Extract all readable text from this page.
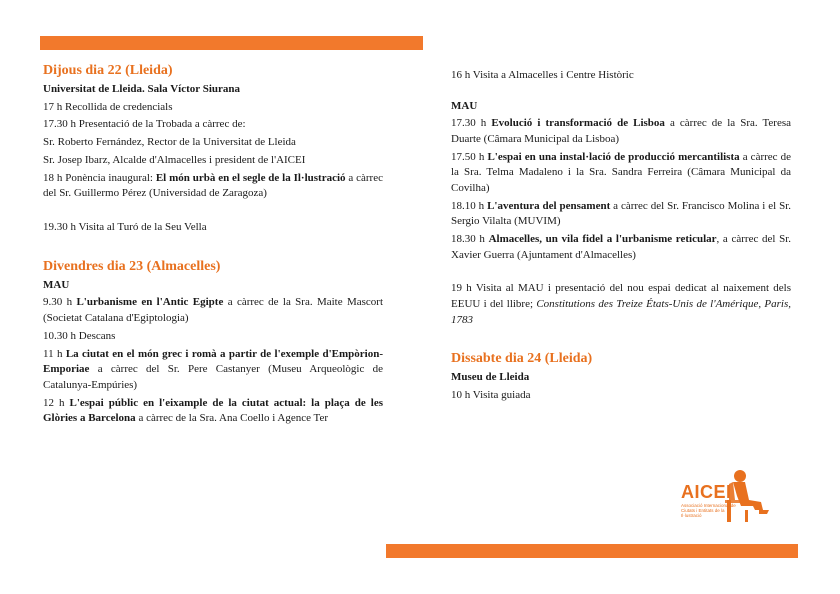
Dijous dia 22 (Lleida)
Universitat de Lleida. Sala Víctor Siurana

17 h Recollida de credencials

17.30 h Presentació de la Trobada a càrrec de:

Sr. Roberto Fernández, Rector de la Universitat de Lleida

Sr. Josep Ibarz, Alcalde d'Almacelles i president de l'AICEI

18 h Ponència inaugural: El món urbà en el segle de la Il·lustració a càrrec del Sr. Guillermo Pérez (Universidad de Zaragoza)

19.30 h Visita al Turó de la Seu Vella

Divendres dia 23 (Almacelles)
MAU

9.30 h L'urbanisme en l'Antic Egipte a càrrec de la Sra. Maite Mascort (Societat Catalana d'Egiptologia)

10.30 h Descans

11 h La ciutat en el món grec i romà a partir de l'exemple d'Empòrion-Emporiae a càrrec del Sr. Pere Castanyer (Museu Arqueològic de Catalunya-Empúries)

12 h L'espai públic en l'eixample de la ciutat actual: la plaça de les Glòries a Barcelona a càrrec de la Sra. Ana Coello i Agence Ter

16 h Visita a Almacelles i Centre Històric

MAU

17.30 h Evolució i transformació de Lisboa a càrrec de la Sra. Teresa Duarte (Câmara Municipal da Lisboa)

17.50 h L'espai en una instal·lació de producció mercantilista a càrrec de la Sra. Telma Madaleno i la Sra. Sandra Ferreira (Câmara Municipal da Covilha)

18.10 h L'aventura del pensament a càrrec del Sr. Francisco Molina i el Sr. Sergio Vilalta (MUVIM)

18.30 h Almacelles, un vila fidel a l'urbanisme reticular, a càrrec del Sr. Xavier Guerra (Ajuntament d'Almacelles)

19 h Visita al MAU i presentació del nou espai dedicat al naixement dels EEUU i del llibre; Constitutions des Treize États-Unis de l'Amérique, Paris, 1783

Dissabte dia 24 (Lleida)
Museu de Lleida

10 h Visita guiada

AICEI
Associació Internacional de Ciutats i Entitats de la Il·lustració
